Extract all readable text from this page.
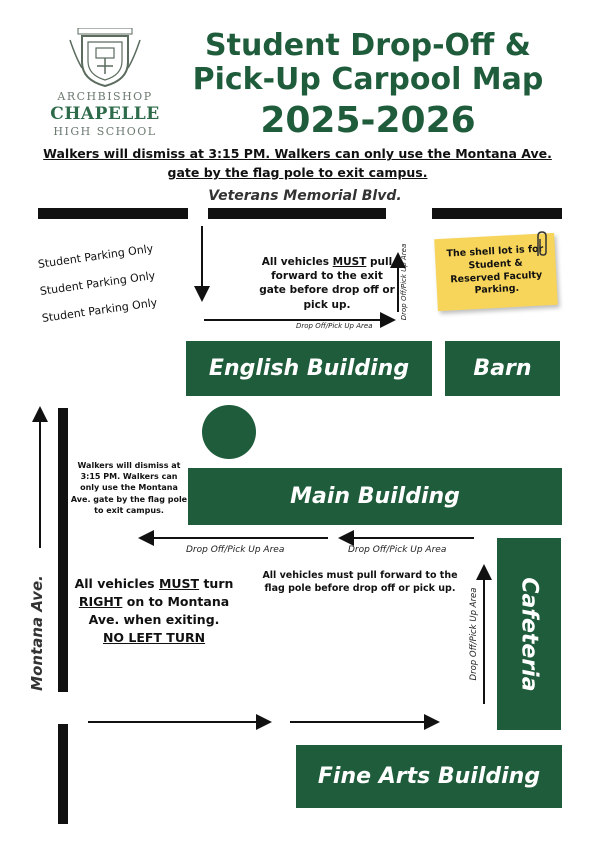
ARCHBISHOP
CHAPELLE
HIGH SCHOOL
Student Drop-Off &
Pick-Up Carpool Map
2025-2026
Walkers will dismiss at 3:15 PM. Walkers can only use the Montana Ave.
gate by the flag pole to exit campus.
Veterans Memorial Blvd.
Student Parking Only
Student Parking Only
Student Parking Only
All vehicles MUST pull forward to the exit gate before drop off or pick up.
The shell lot is for Student & Reserved Faculty Parking.
Drop Off/Pick Up Area
Drop Off/Pick Up Area
English Building	Barn
Main Building
Cafeteria
Fine Arts Building
Walkers will dismiss at 3:15 PM. Walkers can only use the Montana Ave. gate by the flag pole to exit campus.
Drop Off/Pick Up Area	Drop Off/Pick Up Area
All vehicles must pull forward to the flag pole before drop off or pick up.	Drop Off/Pick Up Area
Montana Ave. All vehicles MUST turn RIGHT on to Montana Ave. when exiting.
NO LEFT TURN
